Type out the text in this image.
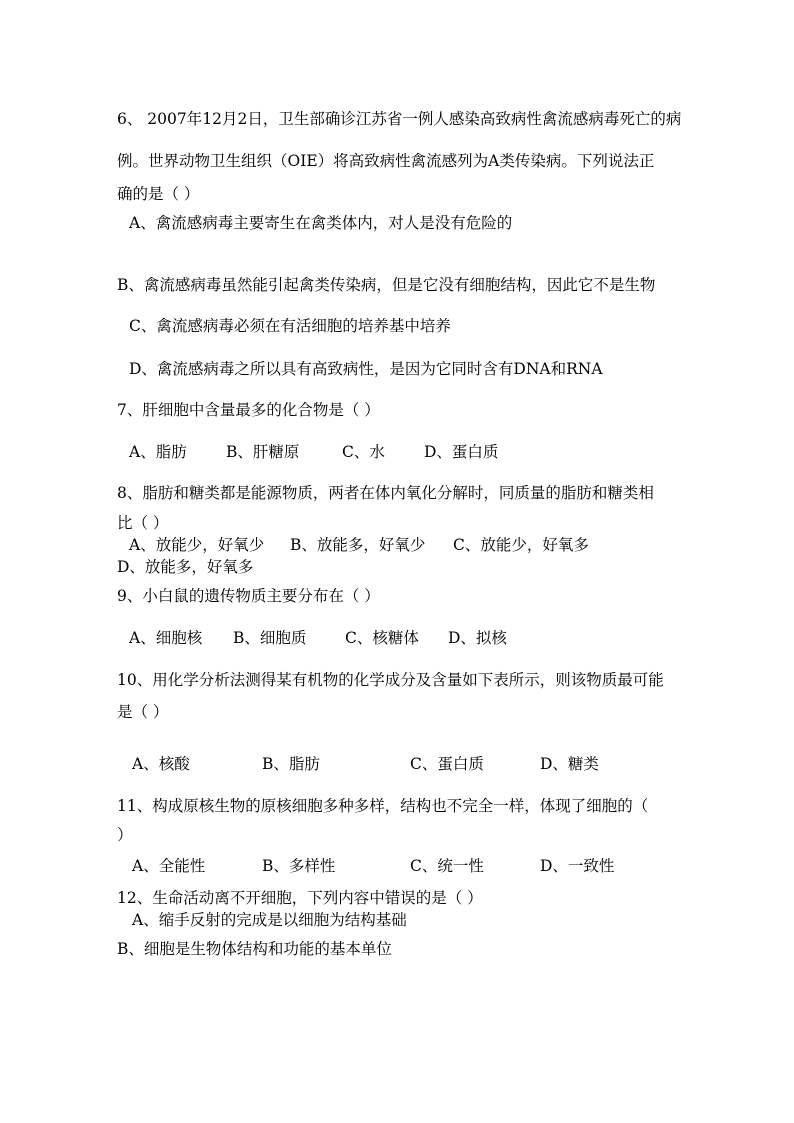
6、 2007年12月2日，卫生部确诊江苏省一例人感染高致病性禽流感病毒死亡的病
例。世界动物卫生组织（OIE）将高致病性禽流感列为A类传染病。下列说法正
确的是（ ）
A、禽流感病毒主要寄生在禽类体内，对人是没有危险的
B、禽流感病毒虽然能引起禽类传染病，但是它没有细胞结构，因此它不是生物
C、禽流感病毒必须在有活细胞的培养基中培养
D、禽流感病毒之所以具有高致病性，是因为它同时含有DNA和RNA
7、肝细胞中含量最多的化合物是（ ）
A、脂肪	B、肝糖原	C、水	D、蛋白质
8、脂肪和糖类都是能源物质，两者在体内氧化分解时，同质量的脂肪和糖类相
比（ ）
A、放能少，好氧少 B、放能多，好氧少 C、放能少，好氧多
D、放能多，好氧多
9、小白鼠的遗传物质主要分布在（ ）
A、细胞核 B、细胞质 C、核糖体 D、拟核
10、用化学分析法测得某有机物的化学成分及含量如下表所示，则该物质最可能
是（ ）
A、核酸	B、脂肪	C、蛋白质	D、糖类
11、构成原核生物的原核细胞多种多样，结构也不完全一样，体现了细胞的（
）
A、全能性	B、多样性	C、统一性	D、一致性
12、生命活动离不开细胞，下列内容中错误的是（ ）
A、缩手反射的完成是以细胞为结构基础
B、细胞是生物体结构和功能的基本单位
